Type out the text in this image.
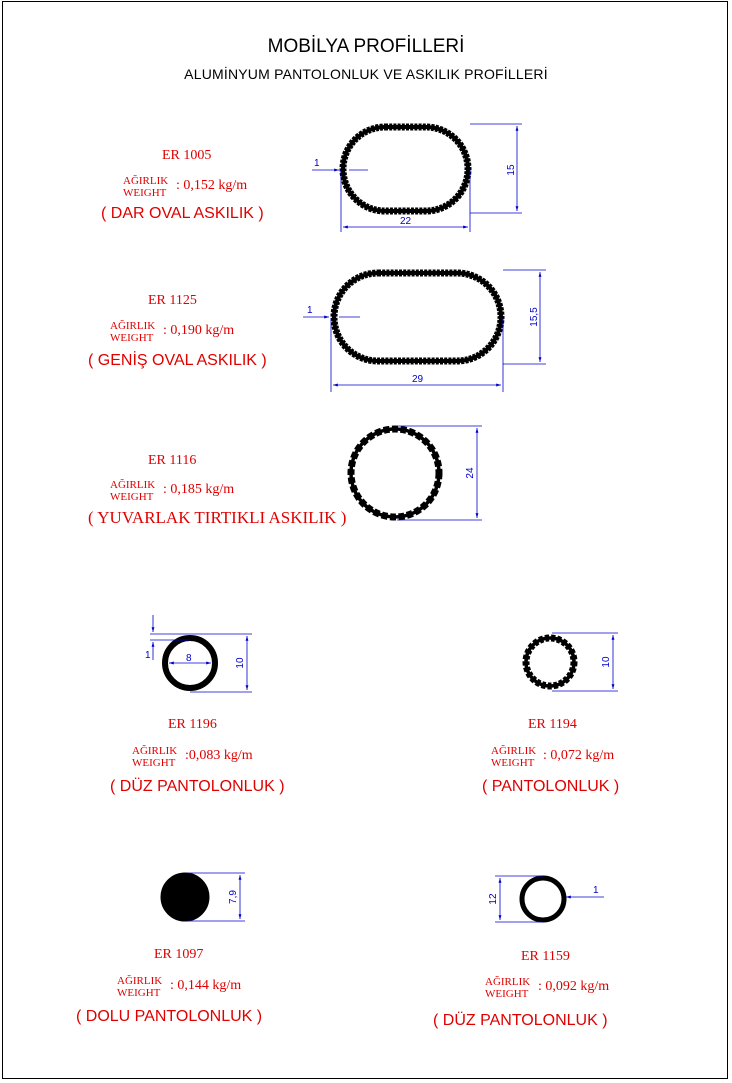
MOBİLYA PROFİLLERİ
ALUMİNYUM PANTOLONLUK VE ASKILIK PROFİLLERİ
1
22
15
1
29
15,5
24
8
1
10	10
7,9	1
12
ER 1005
AĞIRLIK
WEIGHT : 0,152 kg/m
( DAR OVAL ASKILIK )
ER 1125
AĞIRLIK
WEIGHT : 0,190 kg/m
( GENİŞ OVAL ASKILIK )
ER 1116
AĞIRLIK
WEIGHT : 0,185 kg/m
( YUVARLAK TIRTIKLI ASKILIK )
ER 1196
AĞIRLIK
WEIGHT :0,083 kg/m
( DÜZ PANTOLONLUK )
ER 1194
AĞIRLIK
WEIGHT : 0,072 kg/m
( PANTOLONLUK )
ER 1097
AĞIRLIK
WEIGHT : 0,144 kg/m
( DOLU PANTOLONLUK )
ER 1159
AĞIRLIK
WEIGHT : 0,092 kg/m
( DÜZ PANTOLONLUK )
